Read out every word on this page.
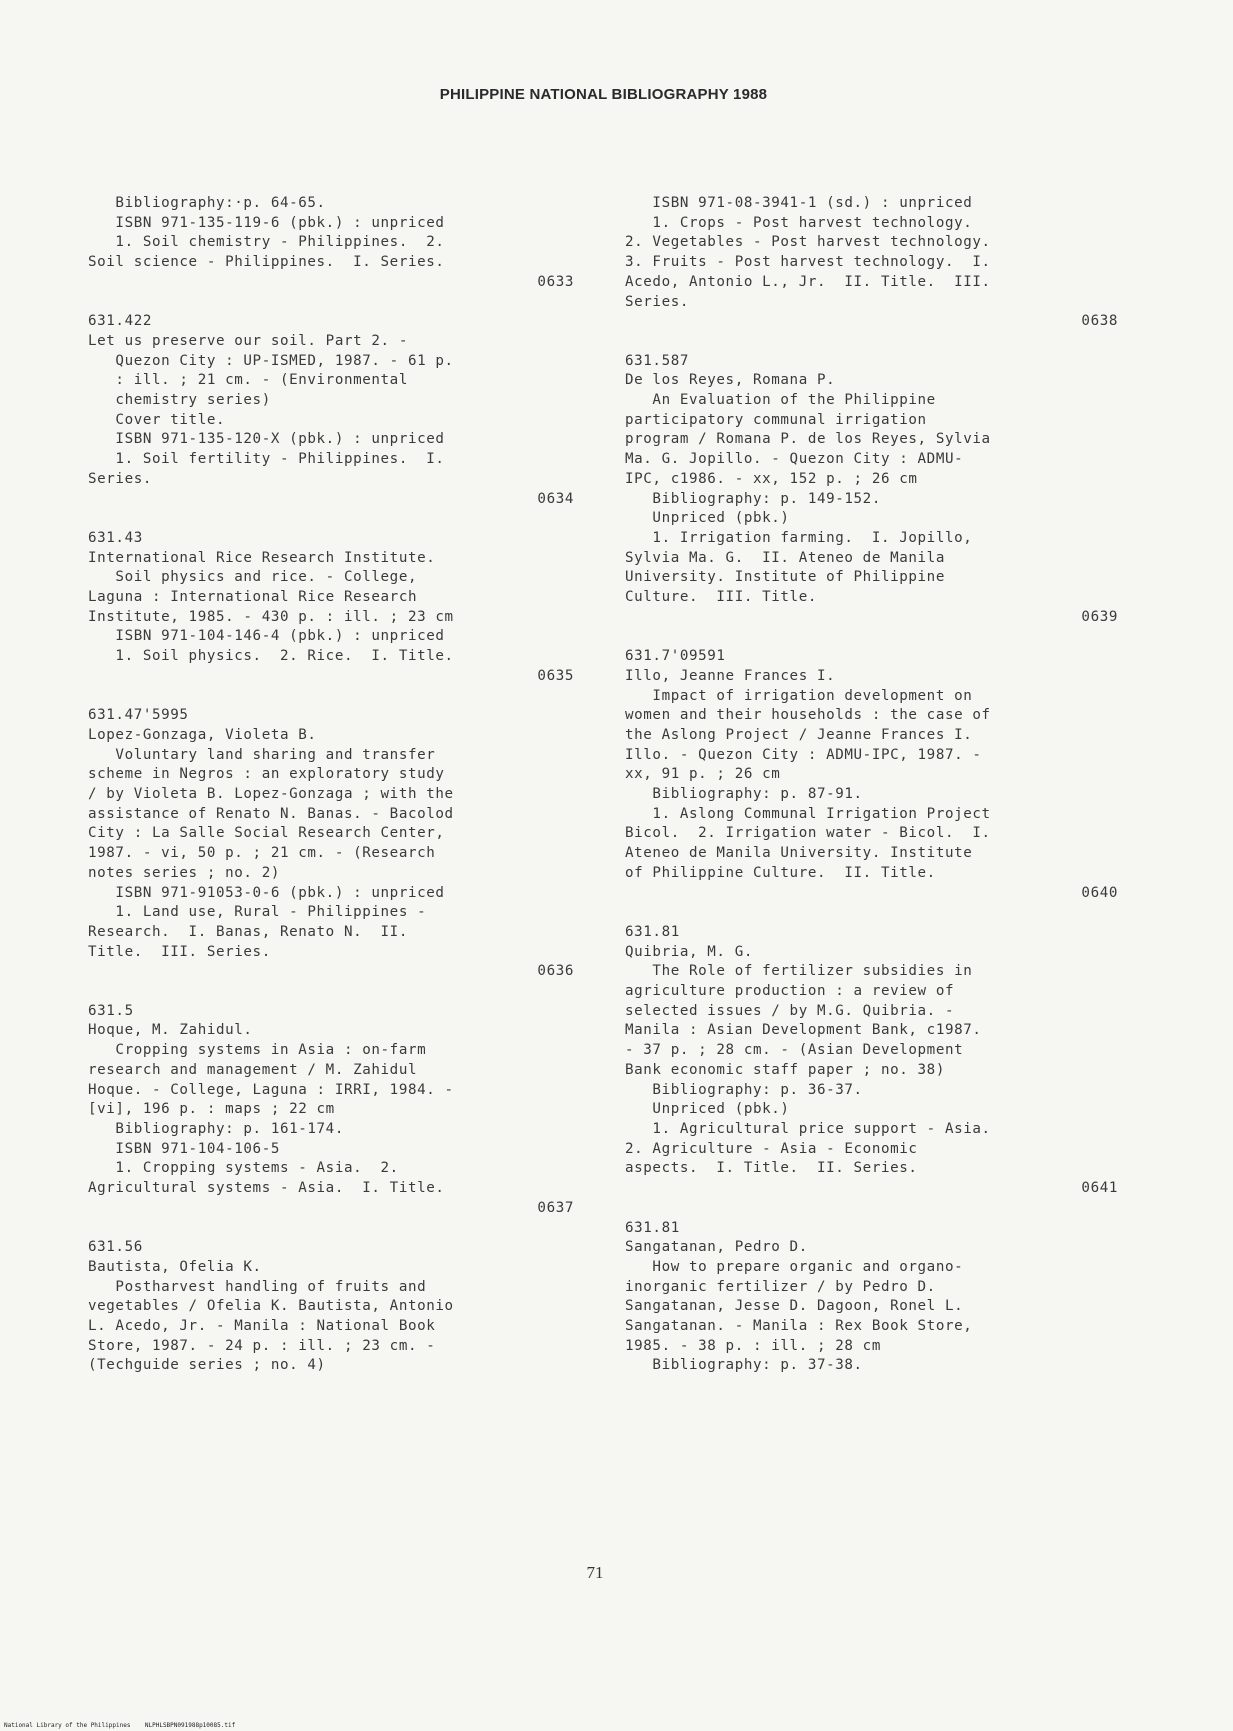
PHILIPPINE NATIONAL BIBLIOGRAPHY 1988
Bibliography:·p. 64-65.
ISBN 971-135-119-6 (pbk.) : unpriced
1. Soil chemistry - Philippines.  2.
Soil science - Philippines.  I. Series.
0633
631.422
Let us preserve our soil. Part 2. -
Quezon City : UP-ISMED, 1987. - 61 p.
: ill. ; 21 cm. - (Environmental
chemistry series)
Cover title.
ISBN 971-135-120-X (pbk.) : unpriced
1. Soil fertility - Philippines.  I.
Series.
0634
631.43
International Rice Research Institute.
Soil physics and rice. - College,
Laguna : International Rice Research
Institute, 1985. - 430 p. : ill. ; 23 cm
ISBN 971-104-146-4 (pbk.) : unpriced
1. Soil physics.  2. Rice.  I. Title.
0635
631.47'5995
Lopez-Gonzaga, Violeta B.
Voluntary land sharing and transfer
scheme in Negros : an exploratory study
/ by Violeta B. Lopez-Gonzaga ; with the
assistance of Renato N. Banas. - Bacolod
City : La Salle Social Research Center,
1987. - vi, 50 p. ; 21 cm. - (Research
notes series ; no. 2)
ISBN 971-91053-0-6 (pbk.) : unpriced
1. Land use, Rural - Philippines -
Research.  I. Banas, Renato N.  II.
Title.  III. Series.
0636
631.5
Hoque, M. Zahidul.
Cropping systems in Asia : on-farm
research and management / M. Zahidul
Hoque. - College, Laguna : IRRI, 1984. -
[vi], 196 p. : maps ; 22 cm
Bibliography: p. 161-174.
ISBN 971-104-106-5
1. Cropping systems - Asia.  2.
Agricultural systems - Asia.  I. Title.
0637
631.56
Bautista, Ofelia K.
Postharvest handling of fruits and
vegetables / Ofelia K. Bautista, Antonio
L. Acedo, Jr. - Manila : National Book
Store, 1987. - 24 p. : ill. ; 23 cm. -
(Techguide series ; no. 4)
ISBN 971-08-3941-1 (sd.) : unpriced
1. Crops - Post harvest technology.
2. Vegetables - Post harvest technology.
3. Fruits - Post harvest technology.  I.
Acedo, Antonio L., Jr.  II. Title.  III.
Series.
0638
631.587
De los Reyes, Romana P.
An Evaluation of the Philippine
participatory communal irrigation
program / Romana P. de los Reyes, Sylvia
Ma. G. Jopillo. - Quezon City : ADMU-
IPC, c1986. - xx, 152 p. ; 26 cm
Bibliography: p. 149-152.
Unpriced (pbk.)
1. Irrigation farming.  I. Jopillo,
Sylvia Ma. G.  II. Ateneo de Manila
University. Institute of Philippine
Culture.  III. Title.
0639
631.7'09591
Illo, Jeanne Frances I.
Impact of irrigation development on
women and their households : the case of
the Aslong Project / Jeanne Frances I.
Illo. - Quezon City : ADMU-IPC, 1987. -
xx, 91 p. ; 26 cm
Bibliography: p. 87-91.
1. Aslong Communal Irrigation Project
Bicol.  2. Irrigation water - Bicol.  I.
Ateneo de Manila University. Institute
of Philippine Culture.  II. Title.
0640
631.81
Quibria, M. G.
The Role of fertilizer subsidies in
agriculture production : a review of
selected issues / by M.G. Quibria. -
Manila : Asian Development Bank, c1987.
- 37 p. ; 28 cm. - (Asian Development
Bank economic staff paper ; no. 38)
Bibliography: p. 36-37.
Unpriced (pbk.)
1. Agricultural price support - Asia.
2. Agriculture - Asia - Economic
aspects.  I. Title.  II. Series.
0641
631.81
Sangatanan, Pedro D.
How to prepare organic and organo-
inorganic fertilizer / by Pedro D.
Sangatanan, Jesse D. Dagoon, Ronel L.
Sangatanan. - Manila : Rex Book Store,
1985. - 38 p. : ill. ; 28 cm
Bibliography: p. 37-38.
71
National Library of the Philippines    NLPHLSBPN091988p10085.tif
